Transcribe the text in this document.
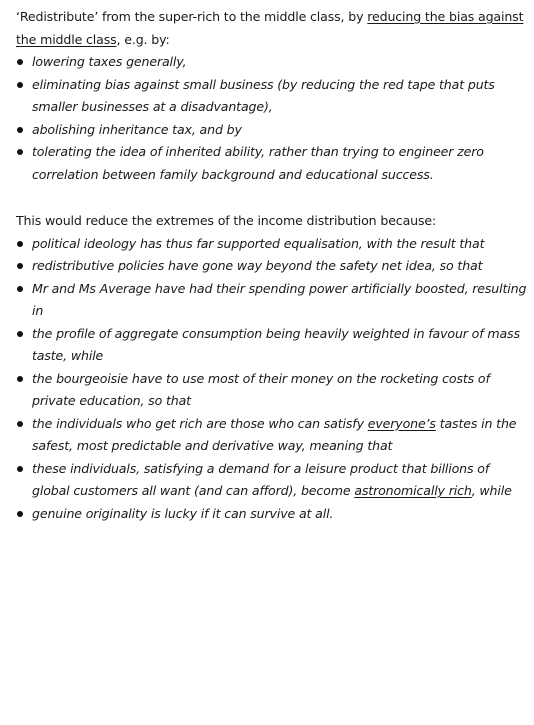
‘Redistribute’ from the super-rich to the middle class, by reducing the bias against the middle class, e.g. by:
lowering taxes generally,
eliminating bias against small business (by reducing the red tape that puts smaller businesses at a disadvantage),
abolishing inheritance tax, and by
tolerating the idea of inherited ability, rather than trying to engineer zero correlation between family background and educational success.
This would reduce the extremes of the income distribution because:
political ideology has thus far supported equalisation, with the result that
redistributive policies have gone way beyond the safety net idea, so that
Mr and Ms Average have had their spending power artificially boosted, resulting in
the profile of aggregate consumption being heavily weighted in favour of mass taste, while
the bourgeoisie have to use most of their money on the rocketing costs of private education, so that
the individuals who get rich are those who can satisfy everyone’s tastes in the safest, most predictable and derivative way, meaning that
these individuals, satisfying a demand for a leisure product that billions of global customers all want (and can afford), become astronomically rich, while
genuine originality is lucky if it can survive at all.
